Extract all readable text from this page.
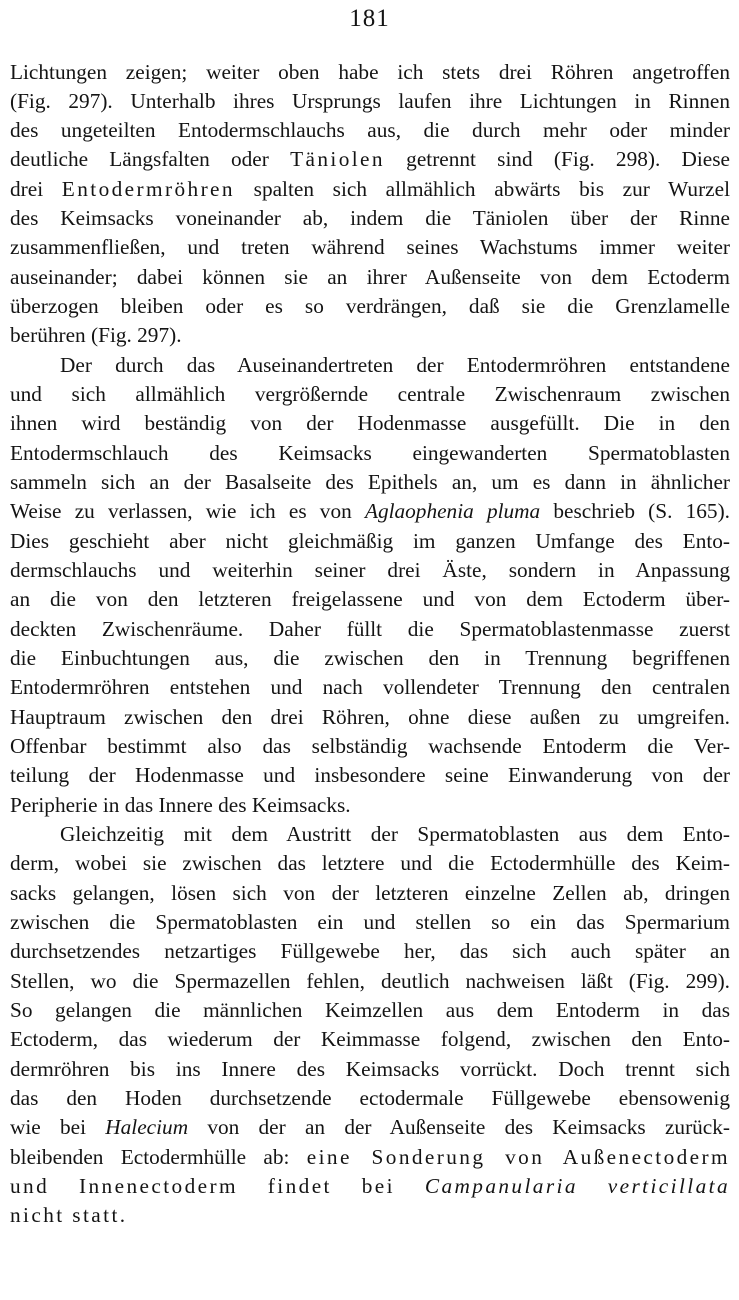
181
Lichtungen zeigen; weiter oben habe ich stets drei Röhren angetroffen
(Fig. 297). Unterhalb ihres Ursprungs laufen ihre Lichtungen in Rinnen
des ungeteilten Entodermschlauchs aus, die durch mehr oder minder
deutliche Längsfalten oder Täniolen getrennt sind (Fig. 298). Diese
drei Entodermröhren spalten sich allmählich abwärts bis zur Wurzel
des Keimsacks voneinander ab, indem die Täniolen über der Rinne
zusammenfließen, und treten während seines Wachstums immer weiter
auseinander; dabei können sie an ihrer Außenseite von dem Ectoderm
überzogen bleiben oder es so verdrängen, daß sie die Grenzlamelle
berühren (Fig. 297).
Der durch das Auseinandertreten der Entodermröhren entstandene
und sich allmählich vergrößernde centrale Zwischenraum zwischen
ihnen wird beständig von der Hodenmasse ausgefüllt. Die in den
Entodermschlauch des Keimsacks eingewanderten Spermatoblasten
sammeln sich an der Basalseite des Epithels an, um es dann in ähnlicher
Weise zu verlassen, wie ich es von Aglaophenia pluma beschrieb (S. 165).
Dies geschieht aber nicht gleichmäßig im ganzen Umfange des Ento-
dermschlauchs und weiterhin seiner drei Äste, sondern in Anpassung
an die von den letzteren freigelassene und von dem Ectoderm über-
deckten Zwischenräume. Daher füllt die Spermatoblastenmasse zuerst
die Einbuchtungen aus, die zwischen den in Trennung begriffenen
Entodermröhren entstehen und nach vollendeter Trennung den centralen
Hauptraum zwischen den drei Röhren, ohne diese außen zu umgreifen.
Offenbar bestimmt also das selbständig wachsende Entoderm die Ver-
teilung der Hodenmasse und insbesondere seine Einwanderung von der
Peripherie in das Innere des Keimsacks.
Gleichzeitig mit dem Austritt der Spermatoblasten aus dem Ento-
derm, wobei sie zwischen das letztere und die Ectodermhülle des Keim-
sacks gelangen, lösen sich von der letzteren einzelne Zellen ab, dringen
zwischen die Spermatoblasten ein und stellen so ein das Spermarium
durchsetzendes netzartiges Füllgewebe her, das sich auch später an
Stellen, wo die Spermazellen fehlen, deutlich nachweisen läßt (Fig. 299).
So gelangen die männlichen Keimzellen aus dem Entoderm in das
Ectoderm, das wiederum der Keimmasse folgend, zwischen den Ento-
dermröhren bis ins Innere des Keimsacks vorrückt. Doch trennt sich
das den Hoden durchsetzende ectodermale Füllgewebe ebensowenig
wie bei Halecium von der an der Außenseite des Keimsacks zurück-
bleibenden Ectodermhülle ab: eine Sonderung von Außenectoderm
und Innenectoderm findet bei Campanularia verticillata
nicht statt.
